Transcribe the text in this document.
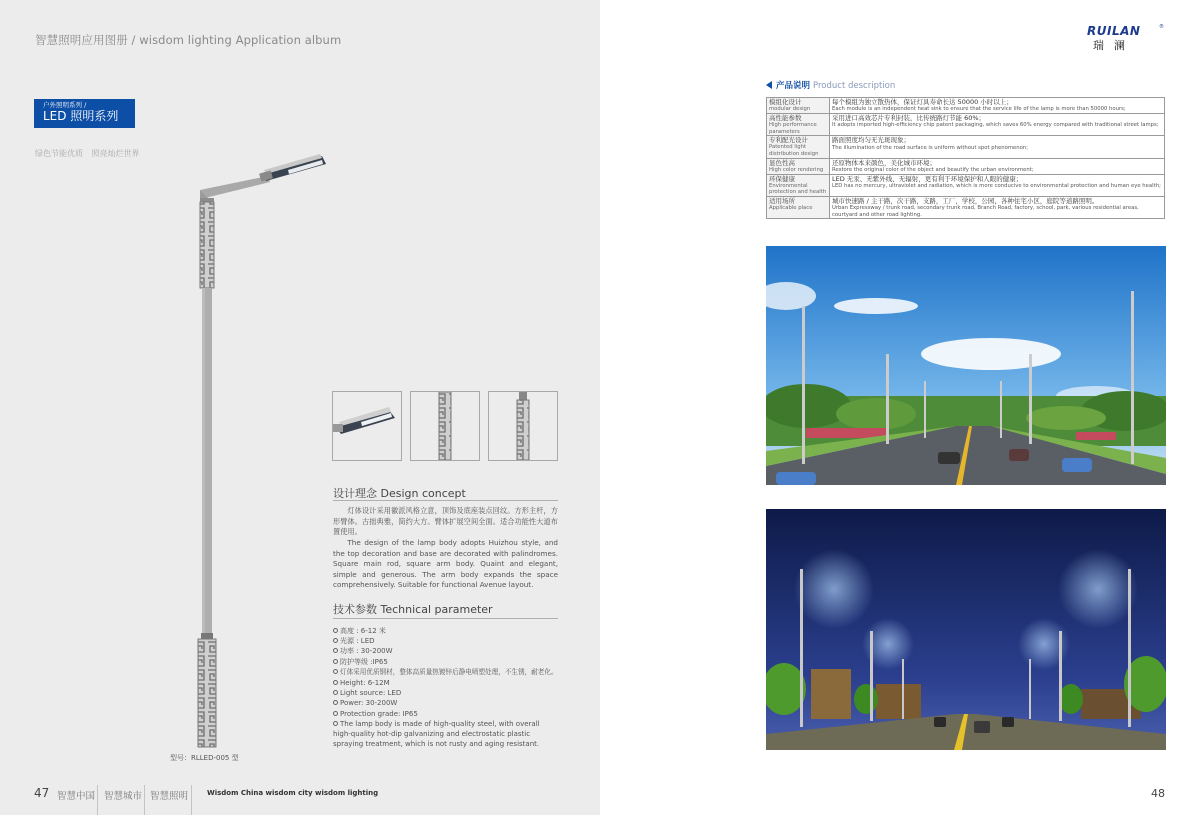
智慧照明应用图册 / wisdom lighting Application album
户外照明系列 /
LED 照明系列
绿色节能优质 照亮灿烂世界
设计理念 Design concept
灯体设计采用徽派风格立意，顶饰及底座装点回纹。方形主杆，方形臂体。古拙典雅，简约大方。臂体扩展空间全面。适合功能性大道布置使用。
The design of the lamp body adopts Huizhou style, and the top decoration and base are decorated with palindromes. Square main rod, square arm body. Quaint and elegant, simple and generous. The arm body expands the space comprehensively. Suitable for functional Avenue layout.
技术参数 Technical parameter
高度 : 6-12 米
光源 : LED
功率 : 30-200W
防护等级 :IP65
灯体采用优质钢材，整体高质量热镀锌后静电喷塑处理，不生锈，耐老化。
Height: 6-12M
Light source: LED
Power: 30-200W
Protection grade: IP65
The lamp body is made of high-quality steel, with overall high-quality hot-dip galvanizing and electrostatic plastic spraying treatment, which is not rusty and aging resistant.
型号：RLLED-005 型
47 智慧中国 智慧城市 智慧照明	Wisdom China wisdom city wisdom lighting
RUILAN	®
瑞澜
产品说明 Product description
模组化设计
modular design	每个模组为独立散热体，保证灯具寿命长达 50000 小时以上；
Each module is an independent heat sink to ensure that the service life of the lamp is more than 50000 hours;

高性能参数
High performance parameters	采用进口高效芯片专利封装，比传统路灯节能 60%；
It adopts imported high-efficiency chip patent packaging, which saves 60% energy compared with traditional street lamps;

专利配光设计
Patented light distribution design	路面照度均匀无光斑现象；
The illumination of the road surface is uniform without spot phenomenon;

显色性高
High color rendering	还原物体本来颜色，美化城市环境；
Restore the original color of the object and beautify the urban environment;

环保健康
Environmental protection and health	LED 无汞、无紫外线、无辐射，更有利于环境保护和人眼的健康；
LED has no mercury, ultraviolet and radiation, which is more conducive to environmental protection and human eye health;

适用场所
Applicable place	城市快速路 / 主干路，次干路，支路，工厂，学校，公园，各种住宅小区，庭院等道路照明。
Urban Expressway / trunk road, secondary trunk road, Branch Road, factory, school, park, various residential areas, courtyard and other road lighting.
48
